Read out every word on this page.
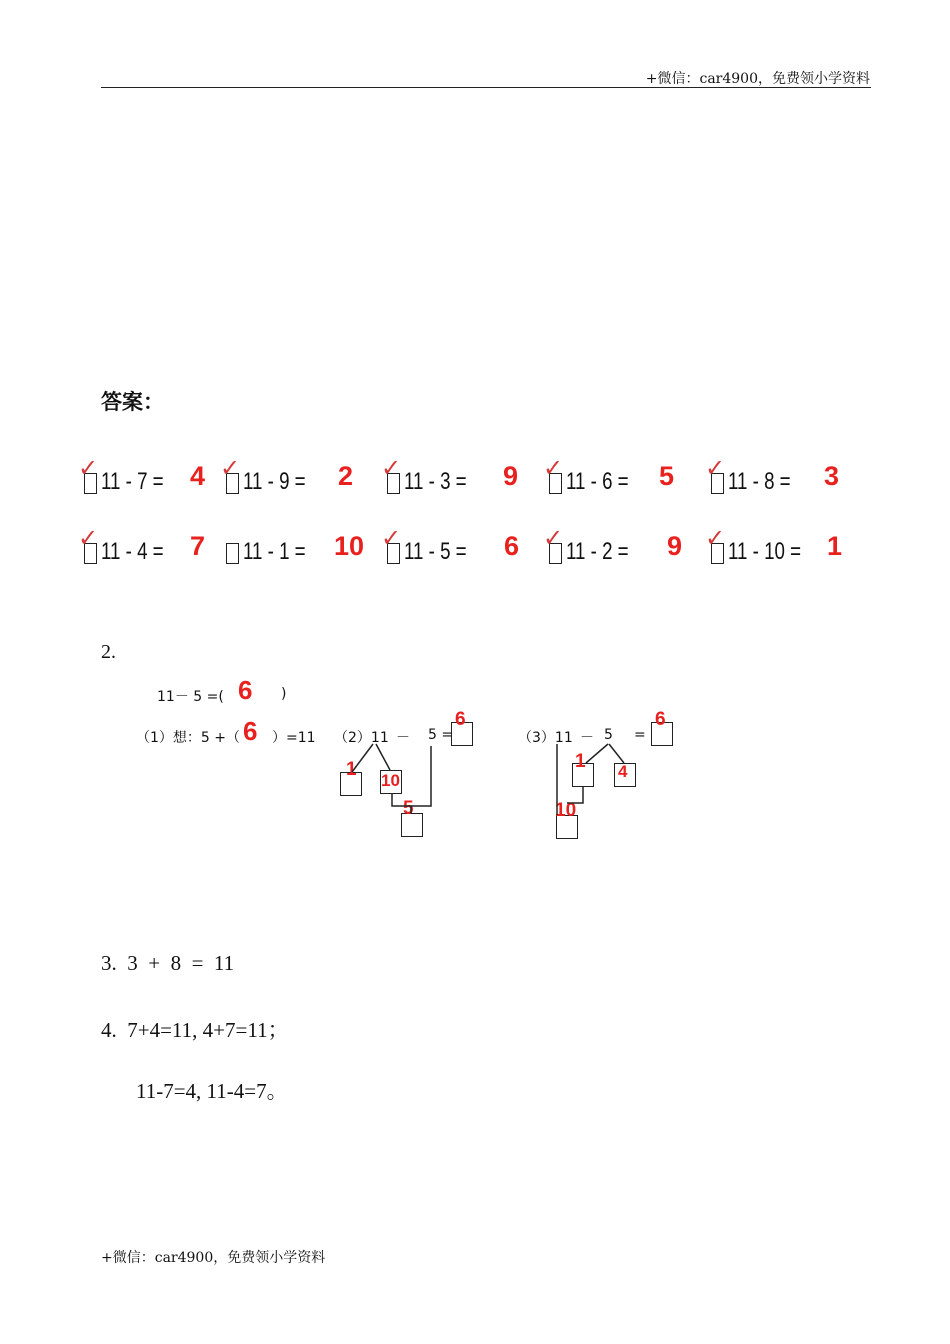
+微信：car4900，免费领小学资料
答案：
✓ 11 - 7 = 4 ✓ 11 - 9 = 2 ✓ 11 - 3 = 9 ✓ 11 - 6 = 5 ✓ 11 - 8 = 3
✓ 11 - 4 = 7 11 - 1 = 10 ✓ 11 - 5 = 6 ✓ 11 - 2 = 9 ✓ 11 - 10 = 1
2.
11－ 5 =( 6 )
（1）想：5 +（ 6 ）=11 （2）11 － 5 =
6
1
10
5
（3）11 － 5 =
6
1 4
10
3.  3  +  8  =  11
4.  7+4=11, 4+7=11；
11-7=4, 11-4=7。
+微信：car4900，免费领小学资料
